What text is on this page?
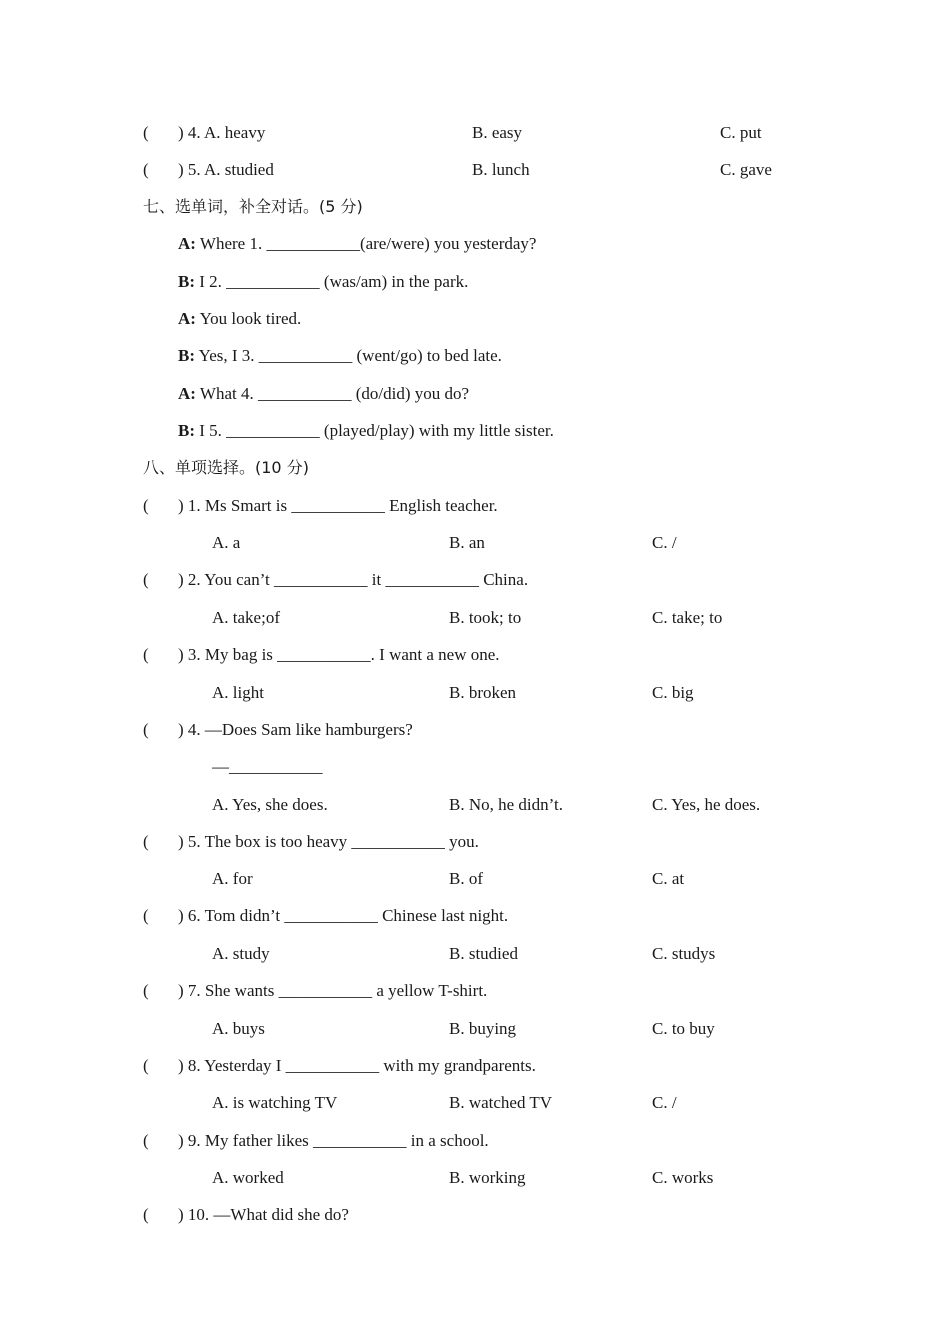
( ) 4. A. heavy	B. easy	C. put
( ) 5. A. studied	B. lunch	C. gave
七、选单词，补全对话。(5 分)
A: Where 1. ___________(are/were) you yesterday?
B: I 2. ___________ (was/am) in the park.
A: You look tired.
B: Yes, I 3. ___________ (went/go) to bed late.
A: What 4. ___________ (do/did) you do?
B: I 5. ___________ (played/play) with my little sister.
八、单项选择。(10 分)
( ) 1. Ms Smart is ___________ English teacher.
A. a	B. an	C. /
( ) 2. You can’t ___________ it ___________ China.
A. take;of	B. took; to	C. take; to
( ) 3. My bag is ___________. I want a new one.
A. light	B. broken	C. big
( ) 4. —Does Sam like hamburgers?
—___________
A. Yes, she does.	B. No, he didn’t.	C. Yes, he does.
( ) 5. The box is too heavy ___________ you.
A. for	B. of	C. at
( ) 6. Tom didn’t ___________ Chinese last night.
A. study	B. studied	C. studys
( ) 7. She wants ___________ a yellow T-shirt.
A. buys	B. buying	C. to buy
( ) 8. Yesterday I ___________ with my grandparents.
A. is watching TV	B. watched TV	C. /
( ) 9. My father likes ___________ in a school.
A. worked	B. working	C. works
( ) 10. —What did she do?
